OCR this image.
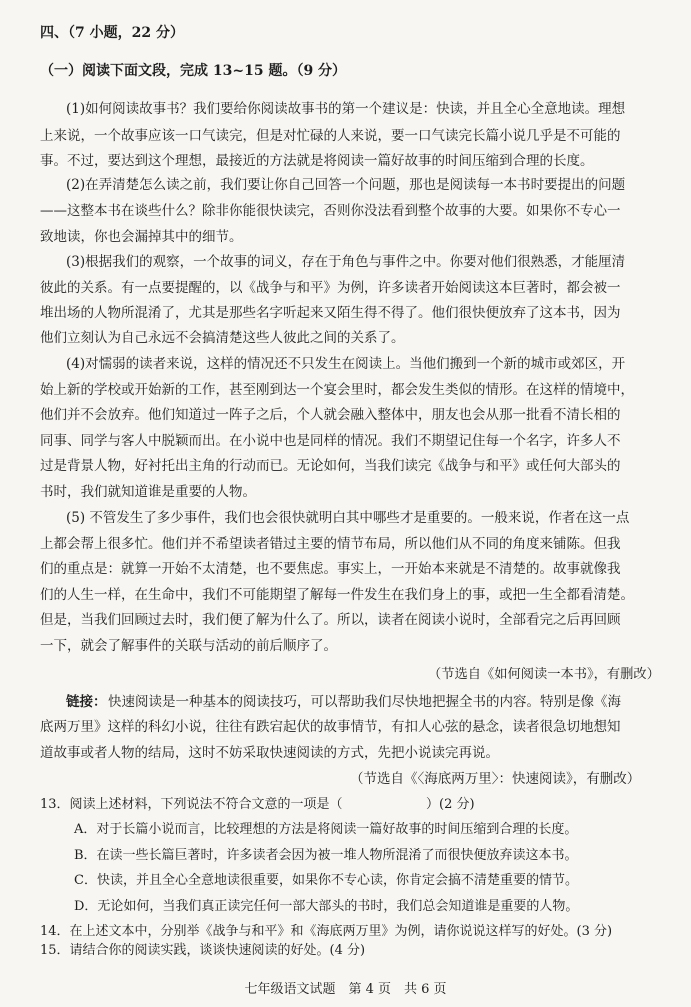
四、（7 小题，22 分）
（一）阅读下面文段，完成 13~15 题。（9 分）
(1)如何阅读故事书？我们要给你阅读故事书的第一个建议是：快读，并且全心全意地读。理想
上来说，一个故事应该一口气读完，但是对忙碌的人来说，要一口气读完长篇小说几乎是不可能的
事。不过，要达到这个理想，最接近的方法就是将阅读一篇好故事的时间压缩到合理的长度。
(2)在弄清楚怎么读之前，我们要让你自己回答一个问题，那也是阅读每一本书时要提出的问题
——这整本书在谈些什么？除非你能很快读完，否则你没法看到整个故事的大要。如果你不专心一
致地读，你也会漏掉其中的细节。
(3)根据我们的观察，一个故事的词义，存在于角色与事件之中。你要对他们很熟悉，才能厘清
彼此的关系。有一点要提醒的，以《战争与和平》为例，许多读者开始阅读这本巨著时，都会被一
堆出场的人物所混淆了，尤其是那些名字听起来又陌生得不得了。他们很快便放弃了这本书，因为
他们立刻认为自己永远不会搞清楚这些人彼此之间的关系了。
(4)对懦弱的读者来说，这样的情况还不只发生在阅读上。当他们搬到一个新的城市或郊区，开
始上新的学校或开始新的工作，甚至刚到达一个宴会里时，都会发生类似的情形。在这样的情境中，
他们并不会放弃。他们知道过一阵子之后，个人就会融入整体中，朋友也会从那一批看不清长相的
同事、同学与客人中脱颖而出。在小说中也是同样的情况。我们不期望记住每一个名字，许多人不
过是背景人物，好衬托出主角的行动而已。无论如何，当我们读完《战争与和平》或任何大部头的
书时，我们就知道谁是重要的人物。
(5) 不管发生了多少事件，我们也会很快就明白其中哪些才是重要的。一般来说，作者在这一点
上都会帮上很多忙。他们并不希望读者错过主要的情节布局，所以他们从不同的角度来铺陈。但我
们的重点是：就算一开始不太清楚，也不要焦虑。事实上，一开始本来就是不清楚的。故事就像我
们的人生一样，在生命中，我们不可能期望了解每一件发生在我们身上的事，或把一生全都看清楚。
但是，当我们回顾过去时，我们便了解为什么了。所以，读者在阅读小说时，全部看完之后再回顾
一下，就会了解事件的关联与活动的前后顺序了。
（节选自《如何阅读一本书》，有删改）
链接： 快速阅读是一种基本的阅读技巧，可以帮助我们尽快地把握全书的内容。特别是像《海
底两万里》这样的科幻小说，往往有跌宕起伏的故事情节，有扣人心弦的悬念，读者很急切地想知
道故事或者人物的结局，这时不妨采取快速阅读的方式，先把小说读完再说。
（节选自《〈海底两万里〉：快速阅读》，有删改）
13．阅读上述材料，下列说法不符合文意的一项是（	）(2 分)
A．对于长篇小说而言，比较理想的方法是将阅读一篇好故事的时间压缩到合理的长度。
B．在读一些长篇巨著时，许多读者会因为被一堆人物所混淆了而很快便放弃读这本书。
C．快读，并且全心全意地读很重要，如果你不专心读，你肯定会搞不清楚重要的情节。
D．无论如何，当我们真正读完任何一部大部头的书时，我们总会知道谁是重要的人物。
14．在上述文本中，分别举《战争与和平》和《海底两万里》为例，请你说说这样写的好处。(3 分)
15．请结合你的阅读实践，谈谈快速阅读的好处。(4 分)
七年级语文试题　第 4 页　共 6 页
